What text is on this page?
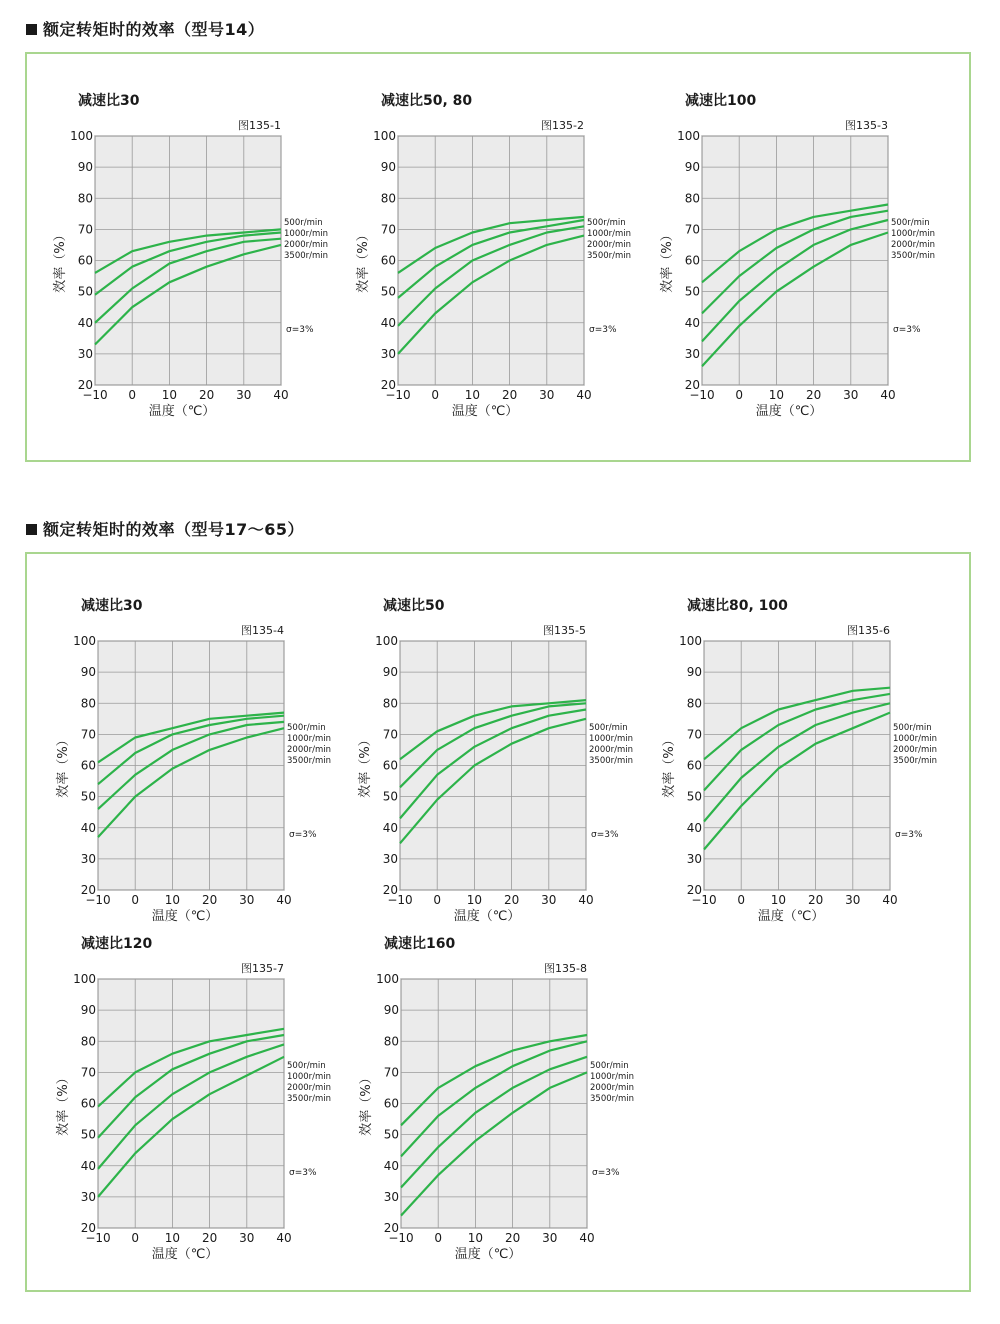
额定转矩时的效率（型号14）
额定转矩时的效率（型号17～65）
−10 0 10 20 30 40
20
30
40
50
60
70
80
90
100
减速比30
图135-1
500r/min
1000r/min
2000r/min
3500r/min
σ=3%
温度（℃）
效率（%）
−10 0 10 20 30 40
20
30
40
50
60
70
80
90
100
减速比50, 80
图135-2
500r/min
1000r/min
2000r/min
3500r/min
σ=3%
温度（℃）
效率（%）
−10 0 10 20 30 40
20
30
40
50
60
70
80
90
100
减速比100
图135-3
500r/min
1000r/min
2000r/min
3500r/min
σ=3%
温度（℃）
效率（%）
−10 0 10 20 30 40
20
30
40
50
60
70
80
90
100
减速比30
图135-4
500r/min
1000r/min
2000r/min
3500r/min
σ=3%
温度（℃）
效率（%）
−10 0 10 20 30 40
20
30
40
50
60
70
80
90
100
减速比50
图135-5
500r/min
1000r/min
2000r/min
3500r/min
σ=3%
温度（℃）
效率（%）
−10 0 10 20 30 40
20
30
40
50
60
70
80
90
100
减速比80, 100
图135-6
500r/min
1000r/min
2000r/min
3500r/min
σ=3%
温度（℃）
效率（%）
−10 0 10 20 30 40
20
30
40
50
60
70
80
90
100
减速比120
图135-7
500r/min
1000r/min
2000r/min
3500r/min
σ=3%
温度（℃）
效率（%）
−10 0 10 20 30 40
20
30
40
50
60
70
80
90
100
减速比160
图135-8
500r/min
1000r/min
2000r/min
3500r/min
σ=3%
温度（℃）
效率（%）
